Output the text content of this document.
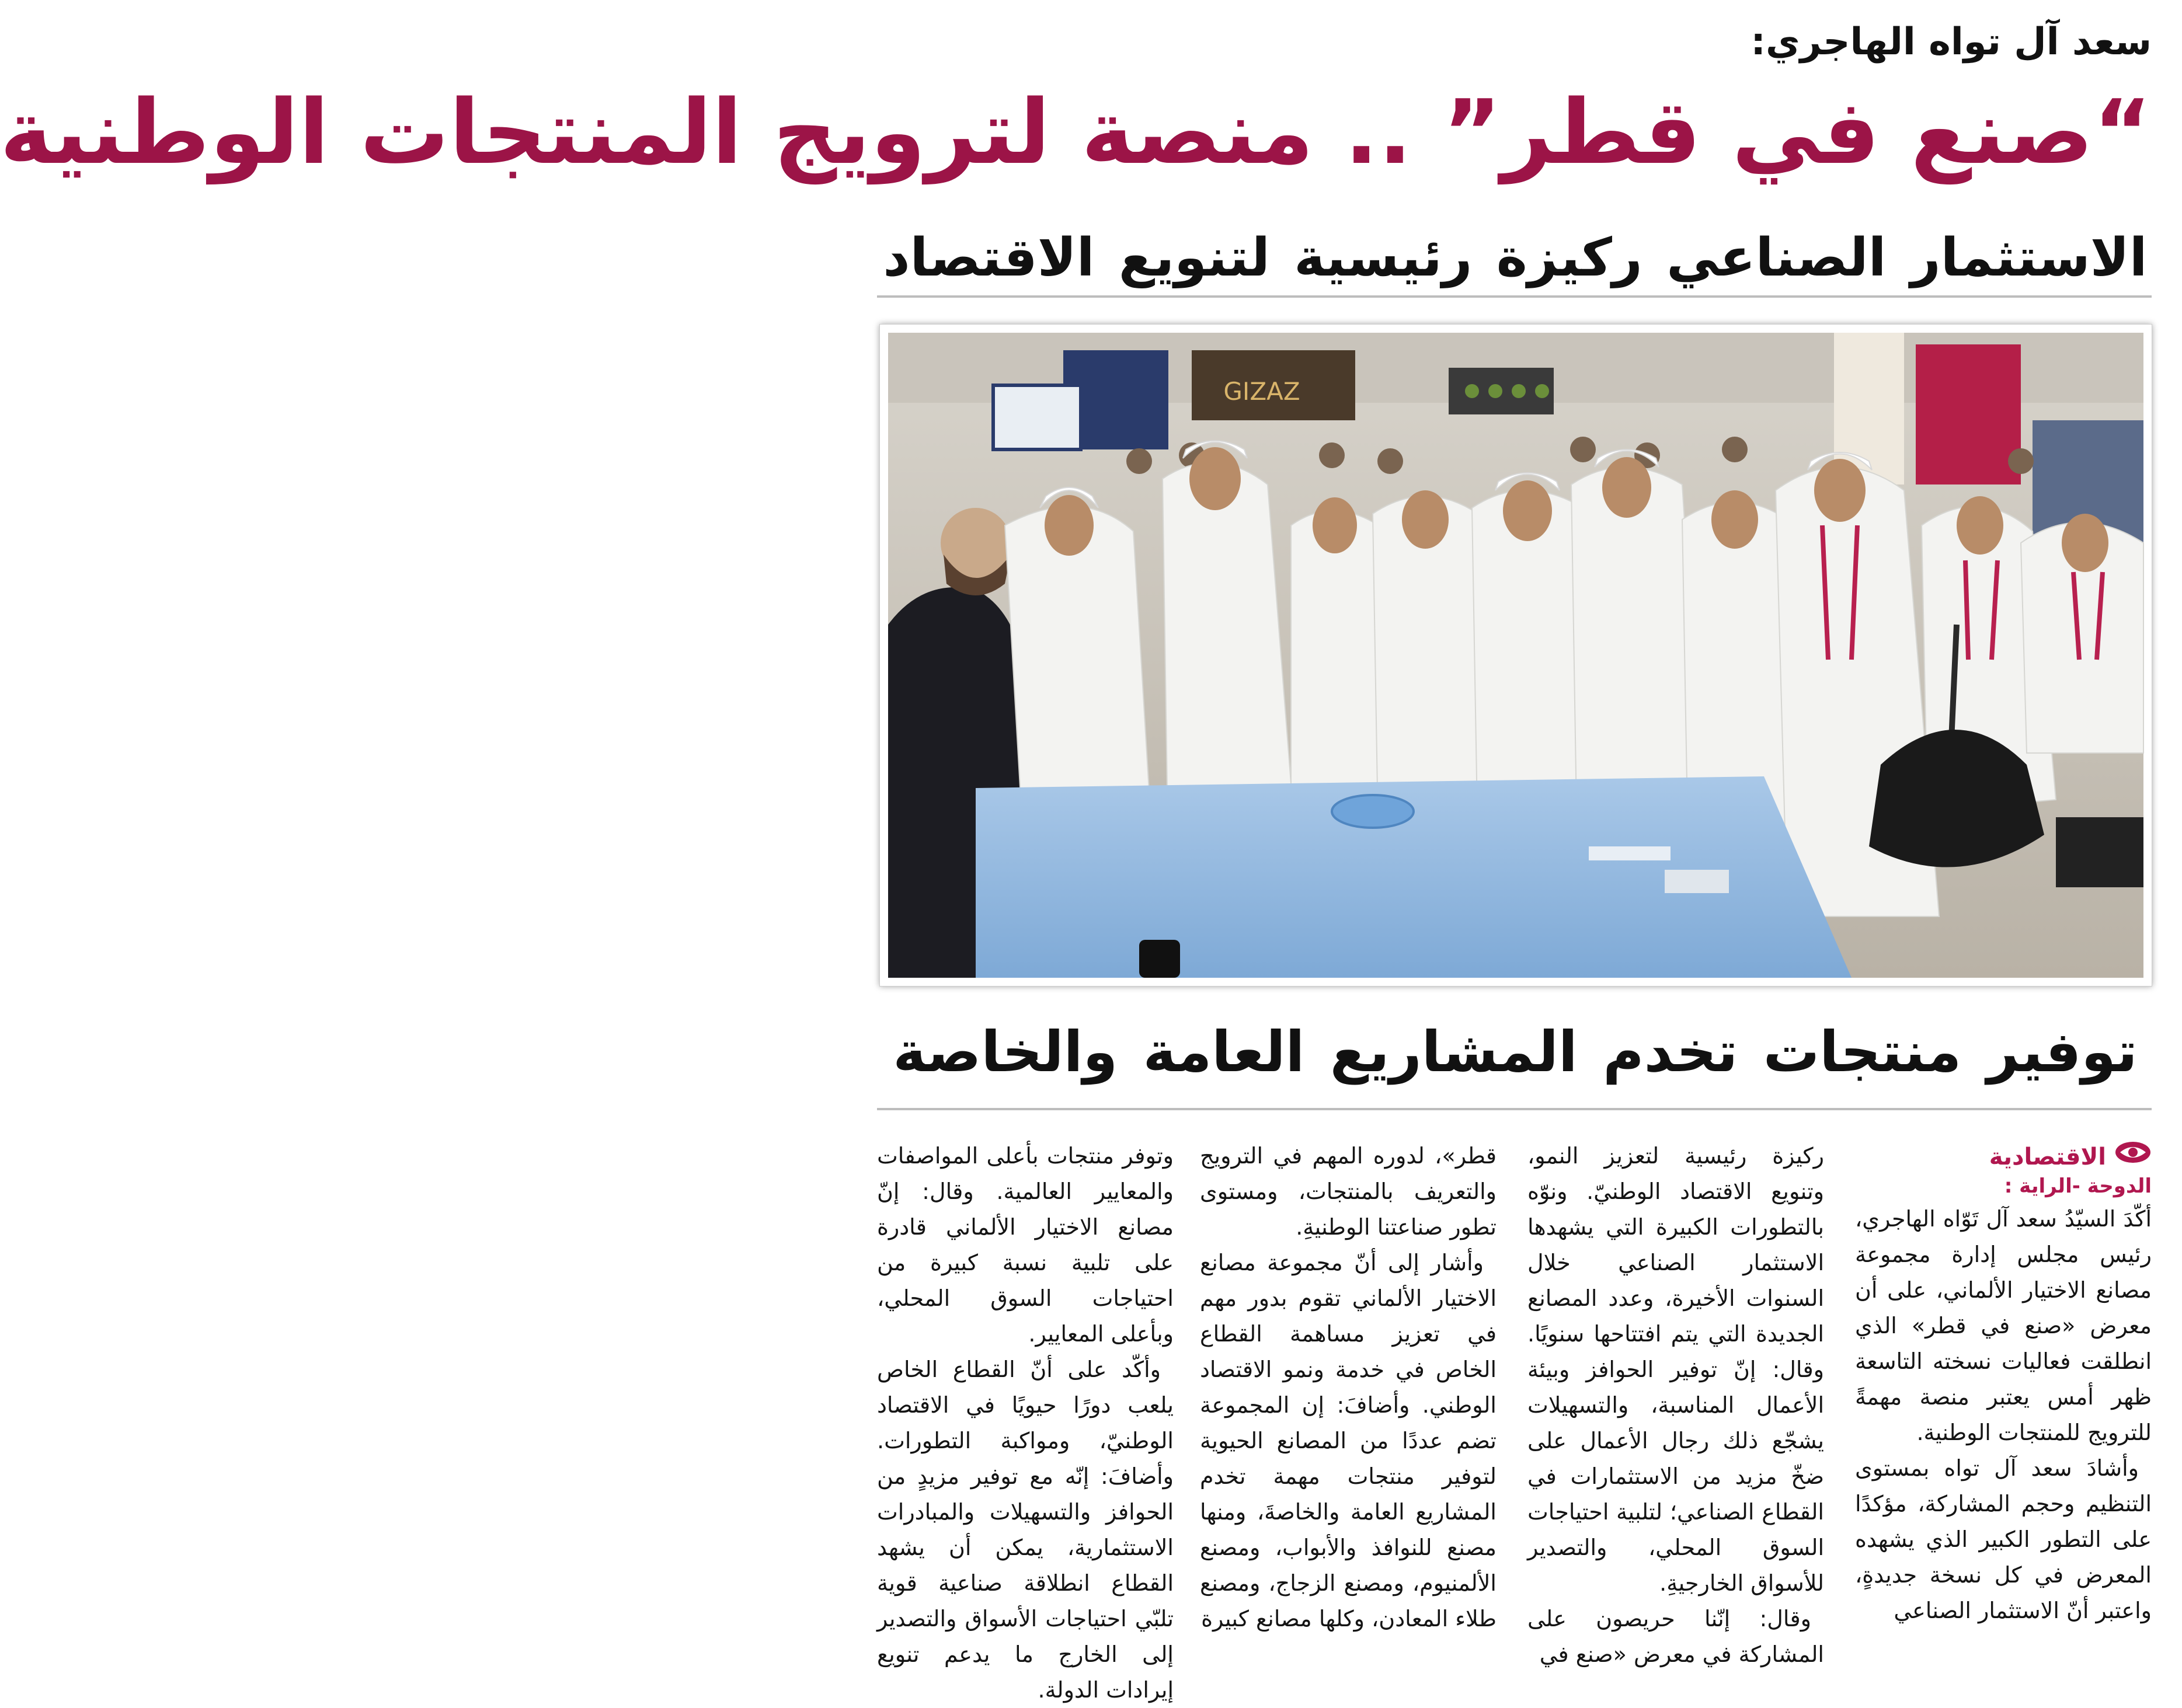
سعد آل تواه الهاجري:
“صنع في قطر” .. منصة لترويج المنتجات الوطنية
الاستثمار الصناعي ركيزة رئيسية لتنويع الاقتصاد
GIZAZ
توفير منتجات تخدم المشاريع العامة والخاصة
الاقتصادية
الدوحة -الراية :

أكّدَ السيّدُ سعد آل تَوّاه الهاجري، رئيس مجلس إدارة مجموعة مصانع الاختيار الألماني، على أن معرض «صنع في قطر» الذي انطلقت فعاليات نسخته التاسعة ظهر أمس يعتبر منصة مهمةً للترويج للمنتجات الوطنية.

وأشادَ سعد آل تواه بمستوى التنظيم وحجم المشاركة، مؤكدًا على التطور الكبير الذي يشهده المعرض في كل نسخة جديدةٍ، واعتبر أنّ الاستثمار الصناعي

ركيزة رئيسية لتعزيز النمو، وتنويع الاقتصاد الوطنيّ. ونوّه بالتطورات الكبيرة التي يشهدها الاستثمار الصناعي خلال السنوات الأخيرة، وعدد المصانع الجديدة التي يتم افتتاحها سنويًا. وقال: إنّ توفير الحوافز وبيئة الأعمال المناسبة، والتسهيلات يشجّع ذلك رجال الأعمال على ضخّ مزيد من الاستثمارات في القطاع الصناعي؛ لتلبية احتياجات السوق المحلي، والتصدير للأسواق الخارجيةِ.

وقال: إنّنا حريصون على المشاركة في معرض «صنع في

قطر»، لدوره المهم في الترويج والتعريف بالمنتجات، ومستوى تطور صناعتنا الوطنيةِ.

وأشار إلى أنّ مجموعة مصانع الاختيار الألماني تقوم بدور مهم في تعزيز مساهمة القطاع الخاص في خدمة ونمو الاقتصاد الوطني. وأضافَ: إن المجموعة تضم عددًا من المصانع الحيوية لتوفير منتجات مهمة تخدم المشاريع العامة والخاصةَ، ومنها مصنع للنوافذ والأبواب، ومصنع الألمنيوم، ومصنع الزجاج، ومصنع طلاء المعادن، وكلها مصانع كبيرة

وتوفر منتجات بأعلى المواصفات والمعايير العالمية. وقال: إنّ مصانع الاختيار الألماني قادرة على تلبية نسبة كبيرة من احتياجات السوق المحلي، وبأعلى المعايير.

وأكّد على أنّ القطاع الخاص يلعب دورًا حيويًا في الاقتصاد الوطنيّ، ومواكبة التطورات. وأضافَ: إنّه مع توفير مزيدٍ من الحوافز والتسهيلات والمبادرات الاستثمارية، يمكن أن يشهد القطاع انطلاقة صناعية قوية تلبّي احتياجات الأسواق والتصدير إلى الخارج ما يدعم تنويع إيرادات الدولة.
